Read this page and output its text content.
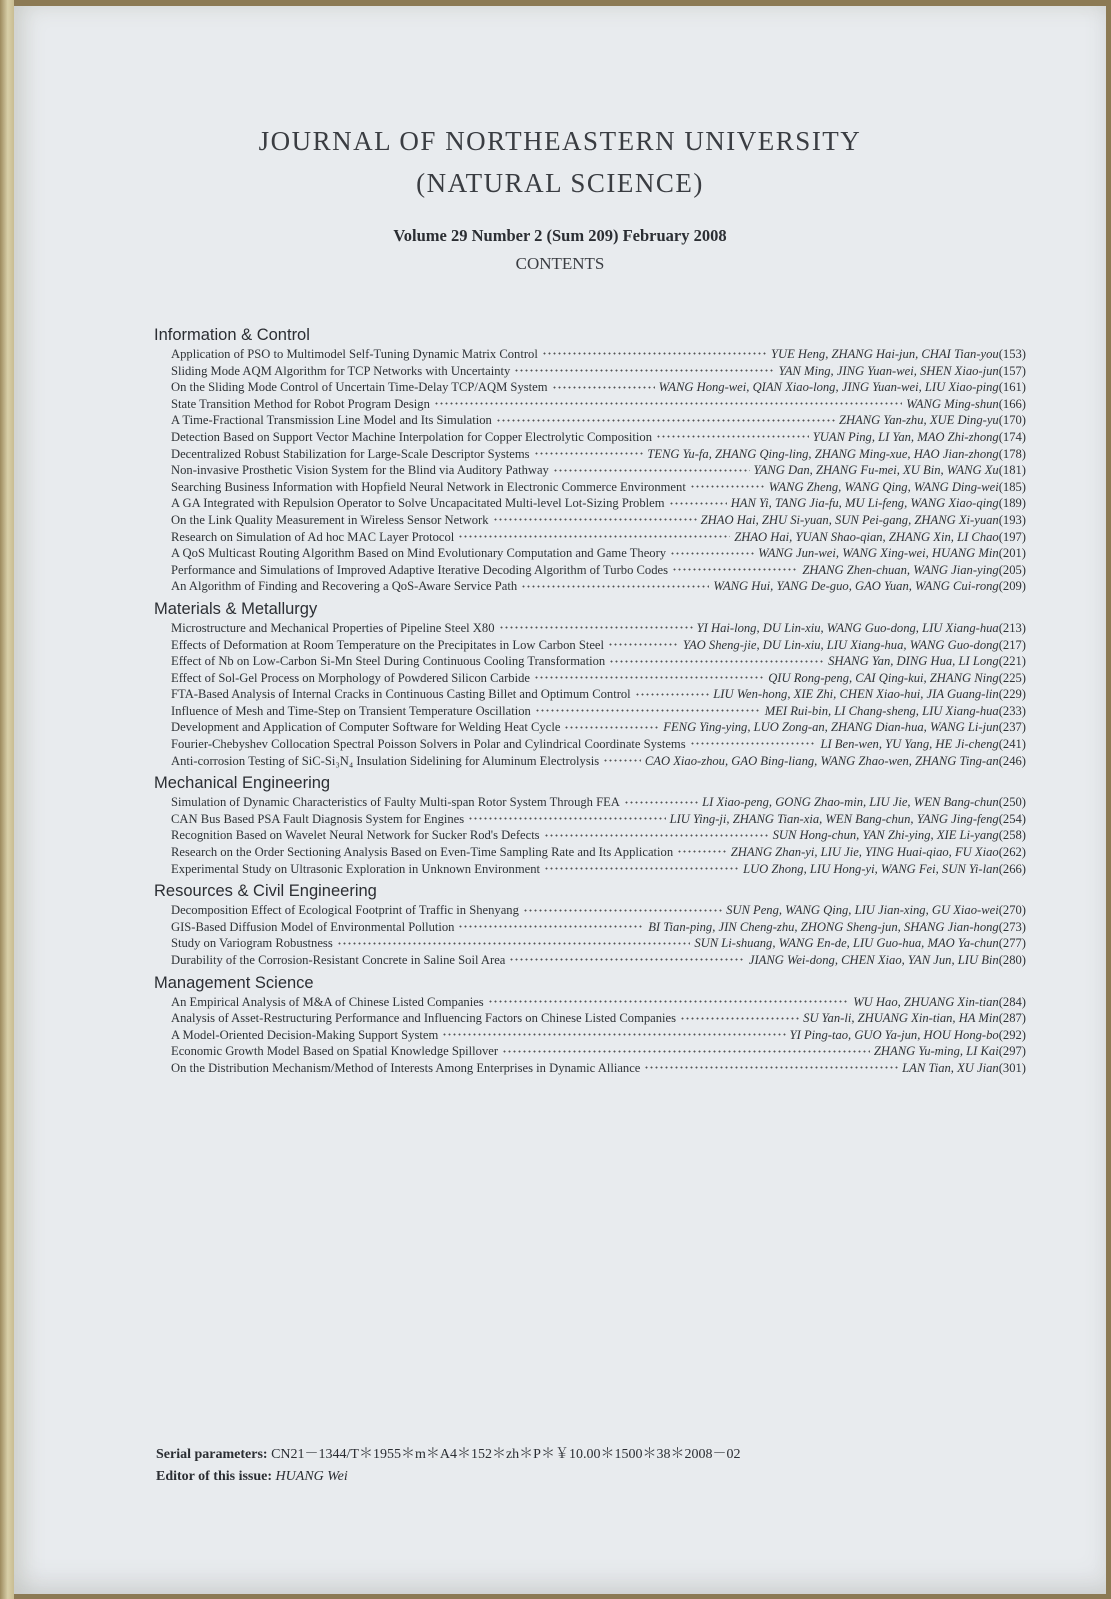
JOURNAL OF NORTHEASTERN UNIVERSITY
(NATURAL SCIENCE)
Volume 29 Number 2 (Sum 209) February 2008
CONTENTS
Information & Control
Application of PSO to Multimodel Self-Tuning Dynamic Matrix Control	YUE Heng, ZHANG Hai-jun, CHAI Tian-you (153)
Sliding Mode AQM Algorithm for TCP Networks with Uncertainty	YAN Ming, JING Yuan-wei, SHEN Xiao-jun (157)
On the Sliding Mode Control of Uncertain Time-Delay TCP/AQM System	WANG Hong-wei, QIAN Xiao-long, JING Yuan-wei, LIU Xiao-ping (161)
State Transition Method for Robot Program Design	WANG Ming-shun (166)
A Time-Fractional Transmission Line Model and Its Simulation	ZHANG Yan-zhu, XUE Ding-yu (170)
Detection Based on Support Vector Machine Interpolation for Copper Electrolytic Composition	YUAN Ping, LI Yan, MAO Zhi-zhong (174)
Decentralized Robust Stabilization for Large-Scale Descriptor Systems	TENG Yu-fa, ZHANG Qing-ling, ZHANG Ming-xue, HAO Jian-zhong (178)
Non-invasive Prosthetic Vision System for the Blind via Auditory Pathway	YANG Dan, ZHANG Fu-mei, XU Bin, WANG Xu (181)
Searching Business Information with Hopfield Neural Network in Electronic Commerce Environment	WANG Zheng, WANG Qing, WANG Ding-wei (185)
A GA Integrated with Repulsion Operator to Solve Uncapacitated Multi-level Lot-Sizing Problem	HAN Yi, TANG Jia-fu, MU Li-feng, WANG Xiao-qing (189)
On the Link Quality Measurement in Wireless Sensor Network	ZHAO Hai, ZHU Si-yuan, SUN Pei-gang, ZHANG Xi-yuan (193)
Research on Simulation of Ad hoc MAC Layer Protocol	ZHAO Hai, YUAN Shao-qian, ZHANG Xin, LI Chao (197)
A QoS Multicast Routing Algorithm Based on Mind Evolutionary Computation and Game Theory	WANG Jun-wei, WANG Xing-wei, HUANG Min (201)
Performance and Simulations of Improved Adaptive Iterative Decoding Algorithm of Turbo Codes	ZHANG Zhen-chuan, WANG Jian-ying (205)
An Algorithm of Finding and Recovering a QoS-Aware Service Path	WANG Hui, YANG De-guo, GAO Yuan, WANG Cui-rong (209)
Materials & Metallurgy
Microstructure and Mechanical Properties of Pipeline Steel X80	YI Hai-long, DU Lin-xiu, WANG Guo-dong, LIU Xiang-hua (213)
Effects of Deformation at Room Temperature on the Precipitates in Low Carbon Steel	YAO Sheng-jie, DU Lin-xiu, LIU Xiang-hua, WANG Guo-dong (217)
Effect of Nb on Low-Carbon Si-Mn Steel During Continuous Cooling Transformation	SHANG Yan, DING Hua, LI Long (221)
Effect of Sol-Gel Process on Morphology of Powdered Silicon Carbide	QIU Rong-peng, CAI Qing-kui, ZHANG Ning (225)
FTA-Based Analysis of Internal Cracks in Continuous Casting Billet and Optimum Control	LIU Wen-hong, XIE Zhi, CHEN Xiao-hui, JIA Guang-lin (229)
Influence of Mesh and Time-Step on Transient Temperature Oscillation	MEI Rui-bin, LI Chang-sheng, LIU Xiang-hua (233)
Development and Application of Computer Software for Welding Heat Cycle	FENG Ying-ying, LUO Zong-an, ZHANG Dian-hua, WANG Li-jun (237)
Fourier-Chebyshev Collocation Spectral Poisson Solvers in Polar and Cylindrical Coordinate Systems	LI Ben-wen, YU Yang, HE Ji-cheng (241)
Anti-corrosion Testing of SiC-Si₃N₄ Insulation Sidelining for Aluminum Electrolysis	CAO Xiao-zhou, GAO Bing-liang, WANG Zhao-wen, ZHANG Ting-an (246)
Mechanical Engineering
Simulation of Dynamic Characteristics of Faulty Multi-span Rotor System Through FEA	LI Xiao-peng, GONG Zhao-min, LIU Jie, WEN Bang-chun (250)
CAN Bus Based PSA Fault Diagnosis System for Engines	LIU Ying-ji, ZHANG Tian-xia, WEN Bang-chun, YANG Jing-feng (254)
Recognition Based on Wavelet Neural Network for Sucker Rod's Defects	SUN Hong-chun, YAN Zhi-ying, XIE Li-yang (258)
Research on the Order Sectioning Analysis Based on Even-Time Sampling Rate and Its Application	ZHANG Zhan-yi, LIU Jie, YING Huai-qiao, FU Xiao (262)
Experimental Study on Ultrasonic Exploration in Unknown Environment	LUO Zhong, LIU Hong-yi, WANG Fei, SUN Yi-lan (266)
Resources & Civil Engineering
Decomposition Effect of Ecological Footprint of Traffic in Shenyang	SUN Peng, WANG Qing, LIU Jian-xing, GU Xiao-wei (270)
GIS-Based Diffusion Model of Environmental Pollution	BI Tian-ping, JIN Cheng-zhu, ZHONG Sheng-jun, SHANG Jian-hong (273)
Study on Variogram Robustness	SUN Li-shuang, WANG En-de, LIU Guo-hua, MAO Ya-chun (277)
Durability of the Corrosion-Resistant Concrete in Saline Soil Area	JIANG Wei-dong, CHEN Xiao, YAN Jun, LIU Bin (280)
Management Science
An Empirical Analysis of M&A of Chinese Listed Companies	WU Hao, ZHUANG Xin-tian (284)
Analysis of Asset-Restructuring Performance and Influencing Factors on Chinese Listed Companies	SU Yan-li, ZHUANG Xin-tian, HA Min (287)
A Model-Oriented Decision-Making Support System	YI Ping-tao, GUO Ya-jun, HOU Hong-bo (292)
Economic Growth Model Based on Spatial Knowledge Spillover	ZHANG Yu-ming, LI Kai (297)
On the Distribution Mechanism/Method of Interests Among Enterprises in Dynamic Alliance	LAN Tian, XU Jian (301)
Serial parameters: CN21－1344/T＊1955＊m＊A4＊152＊zh＊P＊￥10.00＊1500＊38＊2008－02
Editor of this issue: HUANG Wei
